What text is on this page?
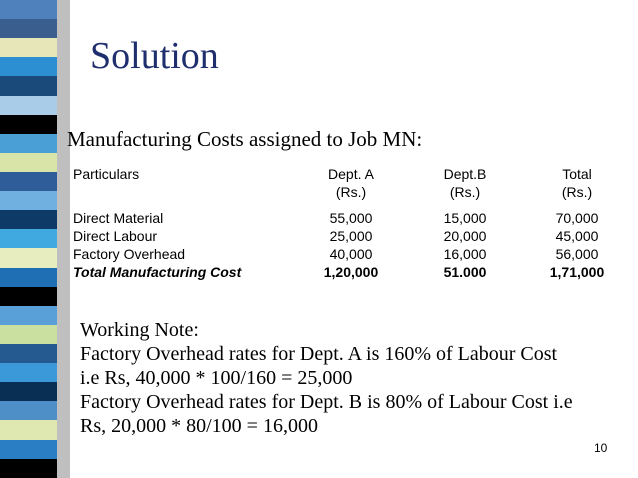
Solution
Manufacturing Costs assigned to Job MN:
Particulars	Dept. A	Dept.B	Total
	(Rs.)	(Rs.)	(Rs.)

Direct Material	55,000	15,000	70,000
Direct Labour	25,000	20,000	45,000
Factory Overhead	40,000	16,000	56,000
Total Manufacturing Cost	1,20,000	51.000	1,71,000
Working Note:
Factory Overhead rates for Dept. A is 160% of Labour Cost
i.e Rs, 40,000 * 100/160 = 25,000
Factory Overhead rates for Dept. B is 80% of Labour Cost i.e
Rs, 20,000 * 80/100 = 16,000
10
